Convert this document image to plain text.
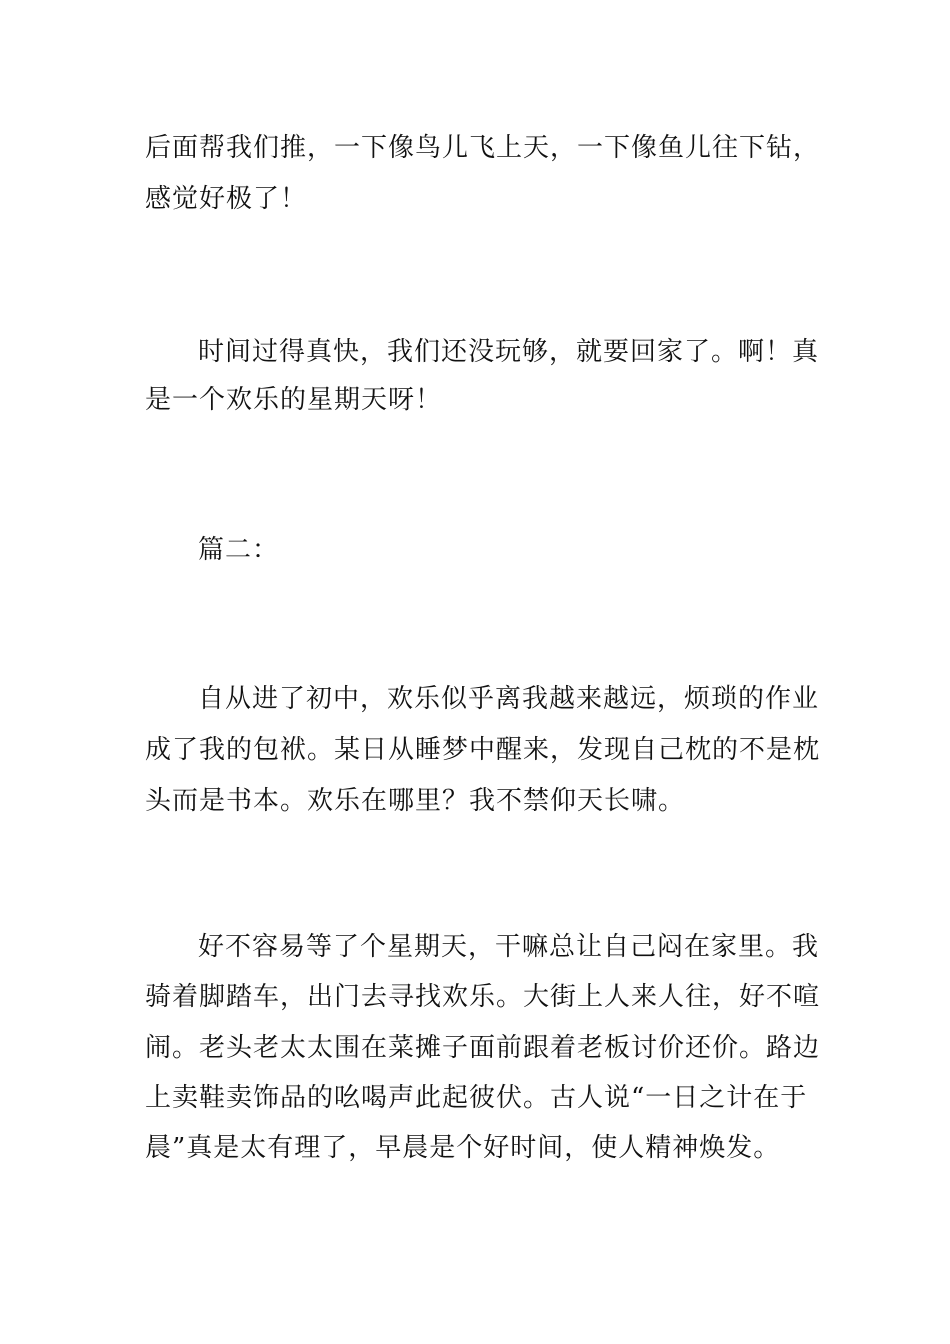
后面帮我们推，一下像鸟儿飞上天，一下像鱼儿往下钻，
感觉好极了！
时间过得真快，我们还没玩够，就要回家了。啊！真
是一个欢乐的星期天呀！
篇二：
自从进了初中，欢乐似乎离我越来越远，烦琐的作业
成了我的包袱。某日从睡梦中醒来，发现自己枕的不是枕
头而是书本。欢乐在哪里？我不禁仰天长啸。
好不容易等了个星期天，干嘛总让自己闷在家里。我
骑着脚踏车，出门去寻找欢乐。大街上人来人往，好不喧
闹。老头老太太围在菜摊子面前跟着老板讨价还价。路边
上卖鞋卖饰品的吆喝声此起彼伏。古人说“一日之计在于
晨”真是太有理了，早晨是个好时间，使人精神焕发。
